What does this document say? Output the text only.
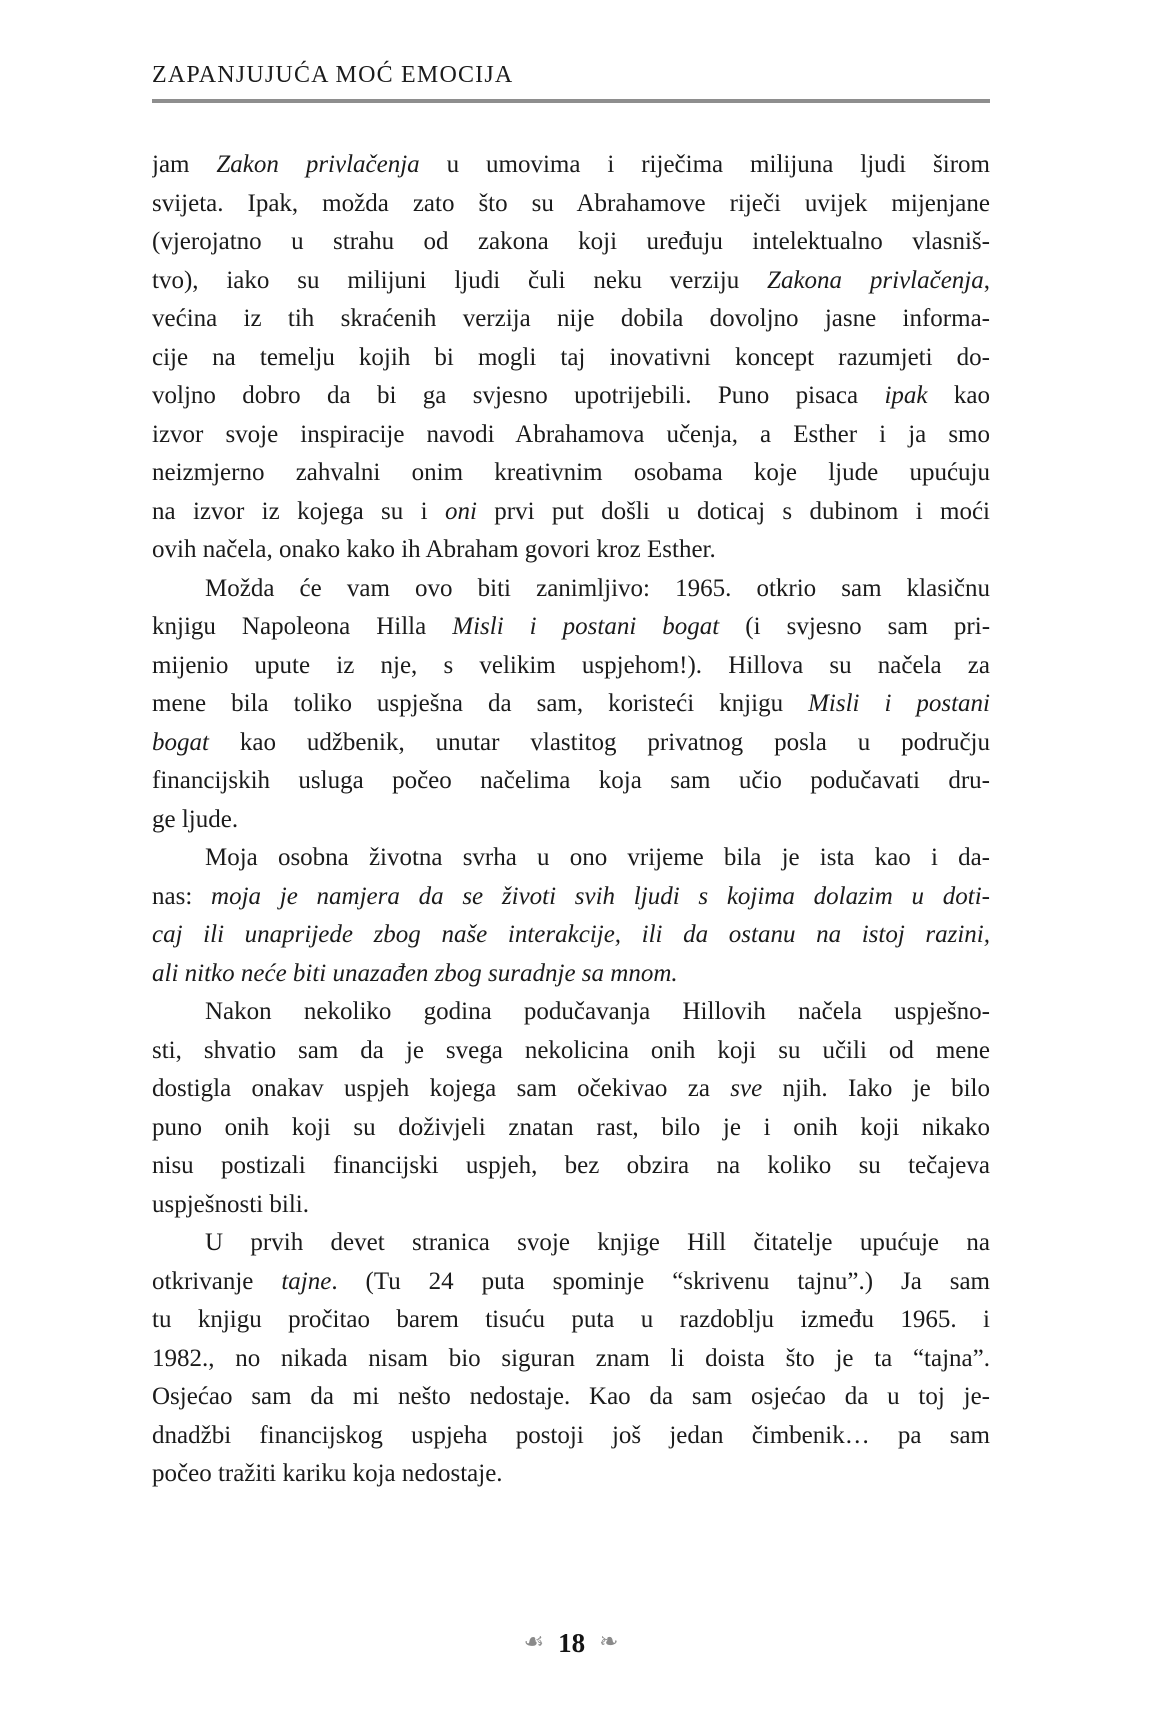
ZAPANJUJUĆA MOĆ EMOCIJA
jam Zakon privlačenja u umovima i riječima milijuna ljudi širom
svijeta. Ipak, možda zato što su Abrahamove riječi uvijek mijenjane
(vjerojatno u strahu od zakona koji uređuju intelektualno vlasniš-
tvo), iako su milijuni ljudi čuli neku verziju Zakona privlačenja,
većina iz tih skraćenih verzija nije dobila dovoljno jasne informa-
cije na temelju kojih bi mogli taj inovativni koncept razumjeti do-
voljno dobro da bi ga svjesno upotrijebili. Puno pisaca ipak kao
izvor svoje inspiracije navodi Abrahamova učenja, a Esther i ja smo
neizmjerno zahvalni onim kreativnim osobama koje ljude upućuju
na izvor iz kojega su i oni prvi put došli u doticaj s dubinom i moći
ovih načela, onako kako ih Abraham govori kroz Esther.
Možda će vam ovo biti zanimljivo: 1965. otkrio sam klasičnu
knjigu Napoleona Hilla Misli i postani bogat (i svjesno sam pri-
mijenio upute iz nje, s velikim uspjehom!). Hillova su načela za
mene bila toliko uspješna da sam, koristeći knjigu Misli i postani
bogat kao udžbenik, unutar vlastitog privatnog posla u području
financijskih usluga počeo načelima koja sam učio podučavati dru-
ge ljude.
Moja osobna životna svrha u ono vrijeme bila je ista kao i da-
nas: moja je namjera da se životi svih ljudi s kojima dolazim u doti-
caj ili unaprijede zbog naše interakcije, ili da ostanu na istoj razini,
ali nitko neće biti unazađen zbog suradnje sa mnom.
Nakon nekoliko godina podučavanja Hillovih načela uspješno-
sti, shvatio sam da je svega nekolicina onih koji su učili od mene
dostigla onakav uspjeh kojega sam očekivao za sve njih. Iako je bilo
puno onih koji su doživjeli znatan rast, bilo je i onih koji nikako
nisu postizali financijski uspjeh, bez obzira na koliko su tečajeva
uspješnosti bili.
U prvih devet stranica svoje knjige Hill čitatelje upućuje na
otkrivanje tajne. (Tu 24 puta spominje “skrivenu tajnu”.) Ja sam
tu knjigu pročitao barem tisuću puta u razdoblju između 1965. i
1982., no nikada nisam bio siguran znam li doista što je ta “tajna”.
Osjećao sam da mi nešto nedostaje. Kao da sam osjećao da u toj je-
dnadžbi financijskog uspjeha postoji još jedan čimbenik… pa sam
počeo tražiti kariku koja nedostaje.
☙ 18 ❧
